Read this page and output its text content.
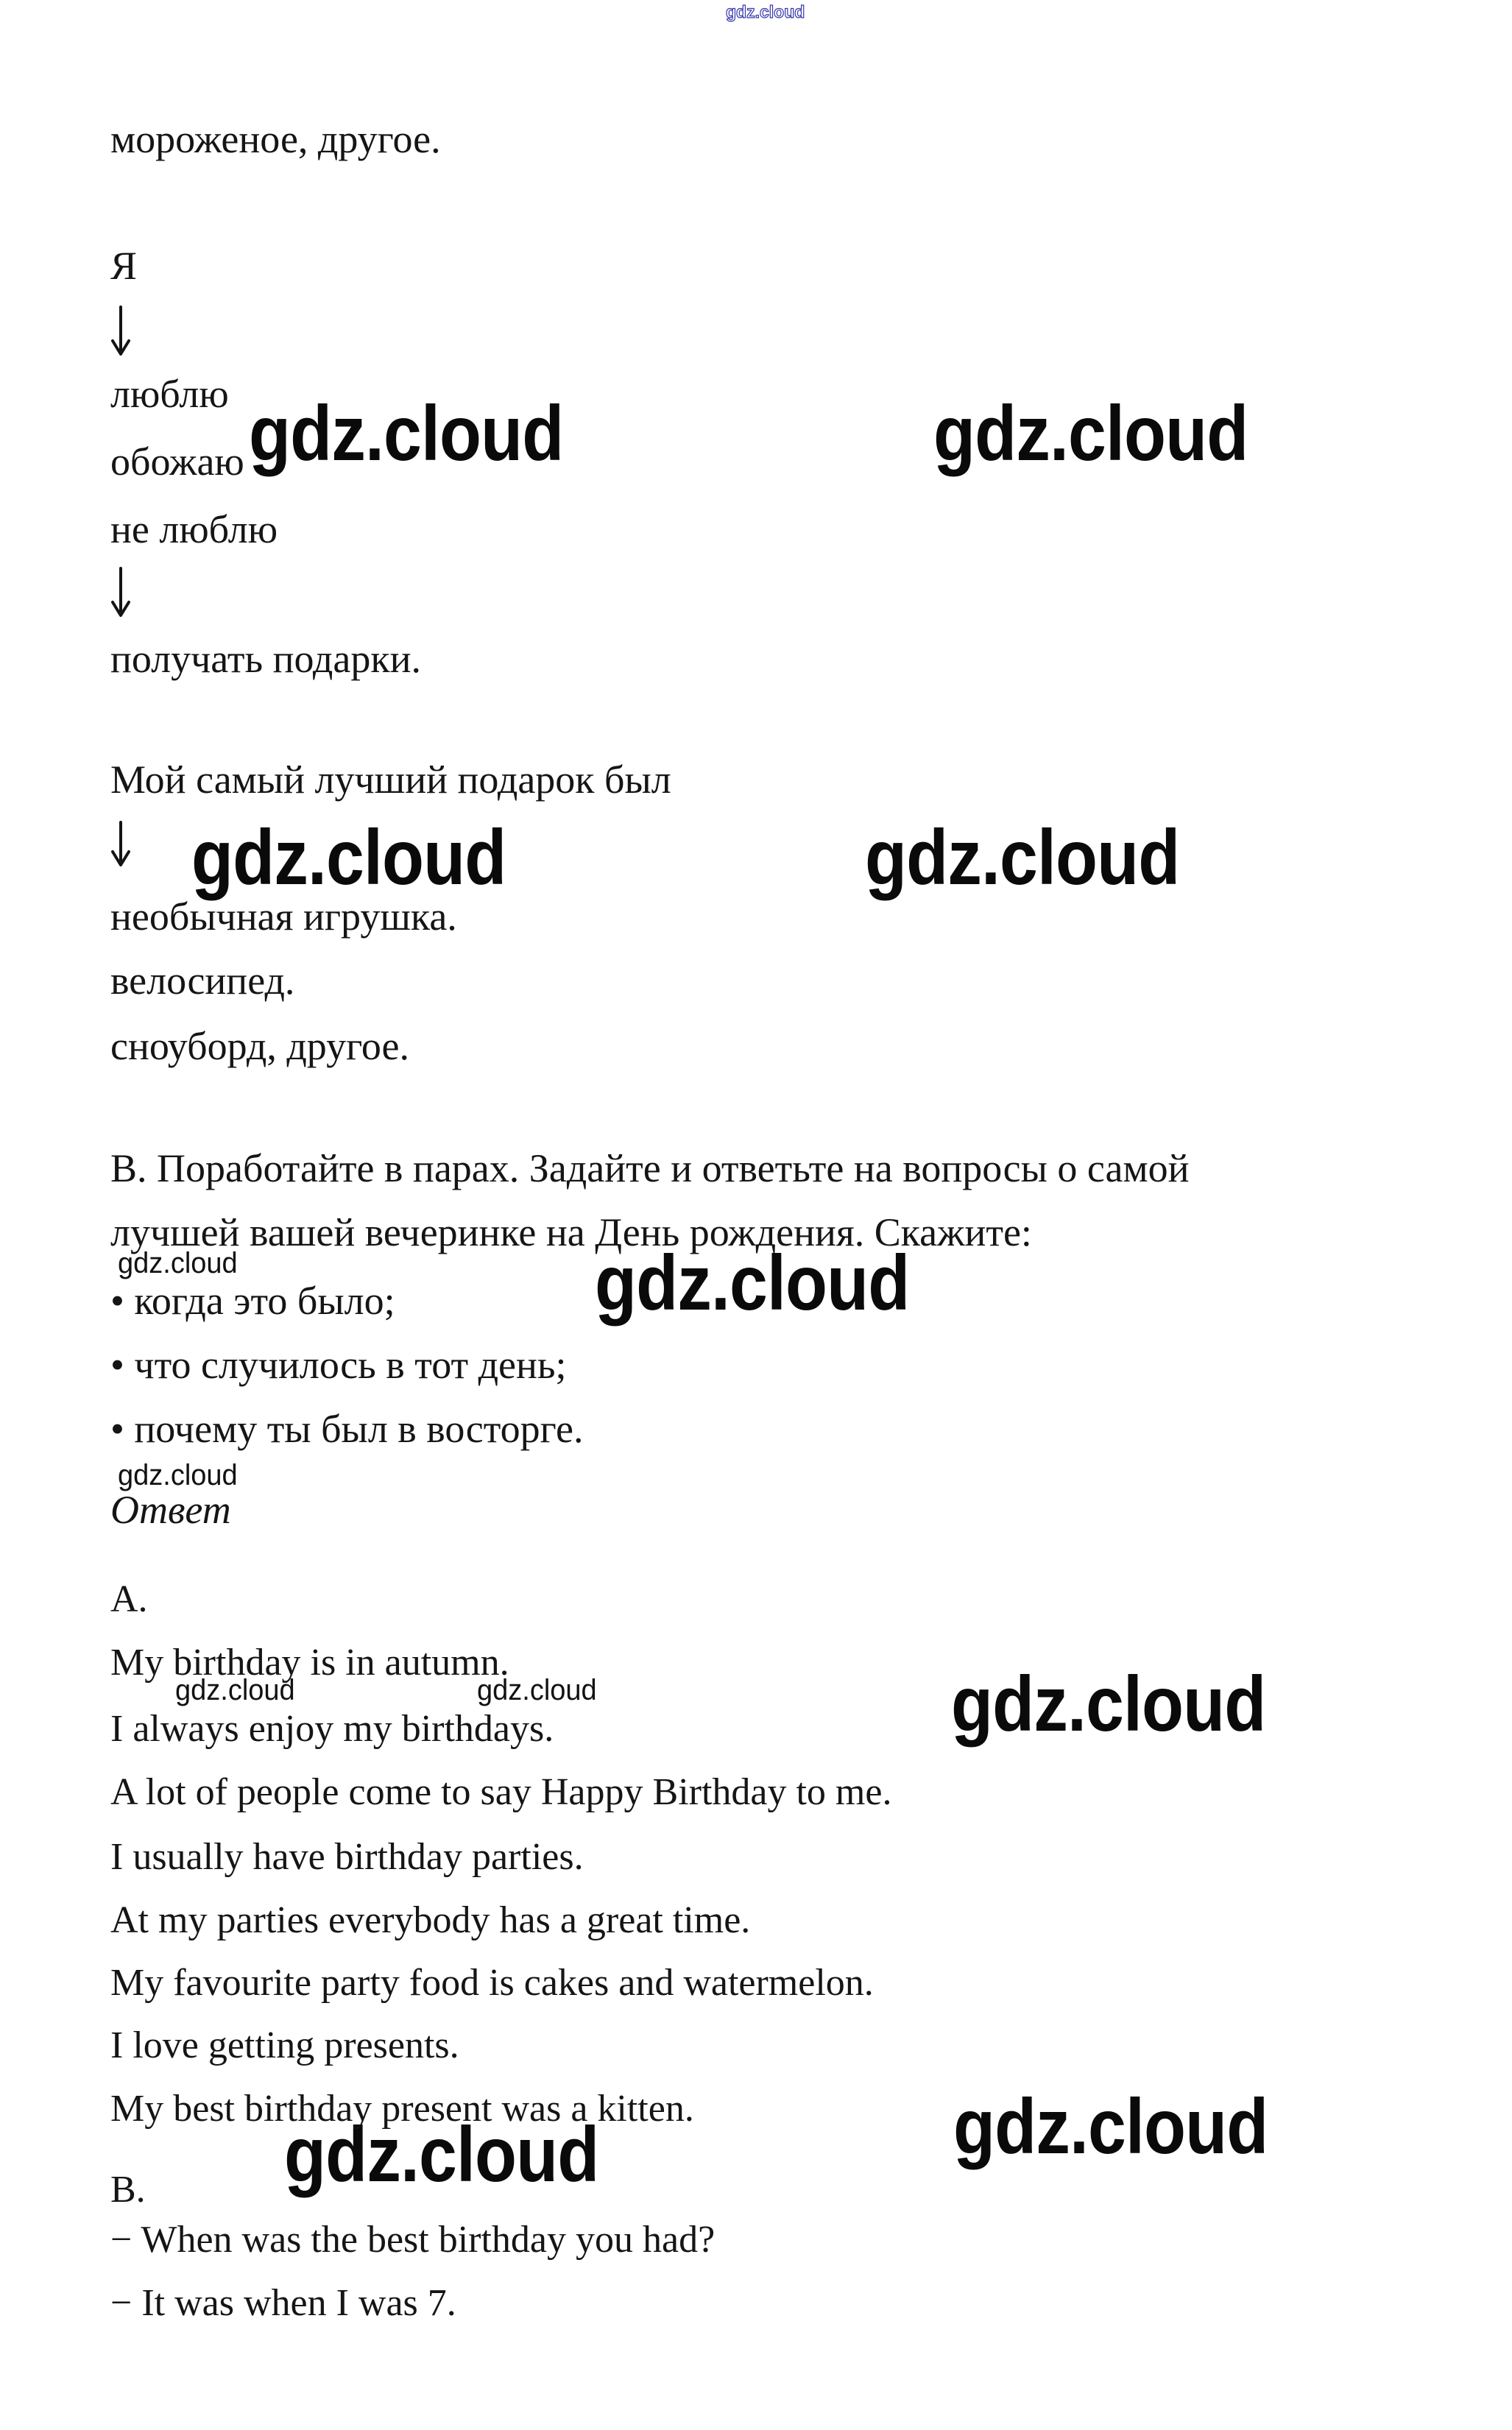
gdz.cloud
gdz.cloud	gdz.cloud
gdz.cloud	gdz.cloud
gdz.cloud
gdz.cloud
gdz.cloud	gdz.cloud
gdz.cloud
gdz.cloud
gdz.cloud	gdz.cloud
мороженое, другое.
Я
люблю
обожаю
не люблю
получать подарки.
Мой самый лучший подарок был
необычная игрушка.
велосипед.
сноуборд, другое.
В. Поработайте в парах. Задайте и ответьте на вопросы о самой
лучшей вашей вечеринке на День рождения. Скажите:
• когда это было;
• что случилось в тот день;
• почему ты был в восторге.
Ответ
A.
My birthday is in autumn.
I always enjoy my birthdays.
A lot of people come to say Happy Birthday to me.
I usually have birthday parties.
At my parties everybody has a great time.
My favourite party food is cakes and watermelon.
I love getting presents.
My best birthday present was a kitten.
B.
− When was the best birthday you had?
− It was when I was 7.
